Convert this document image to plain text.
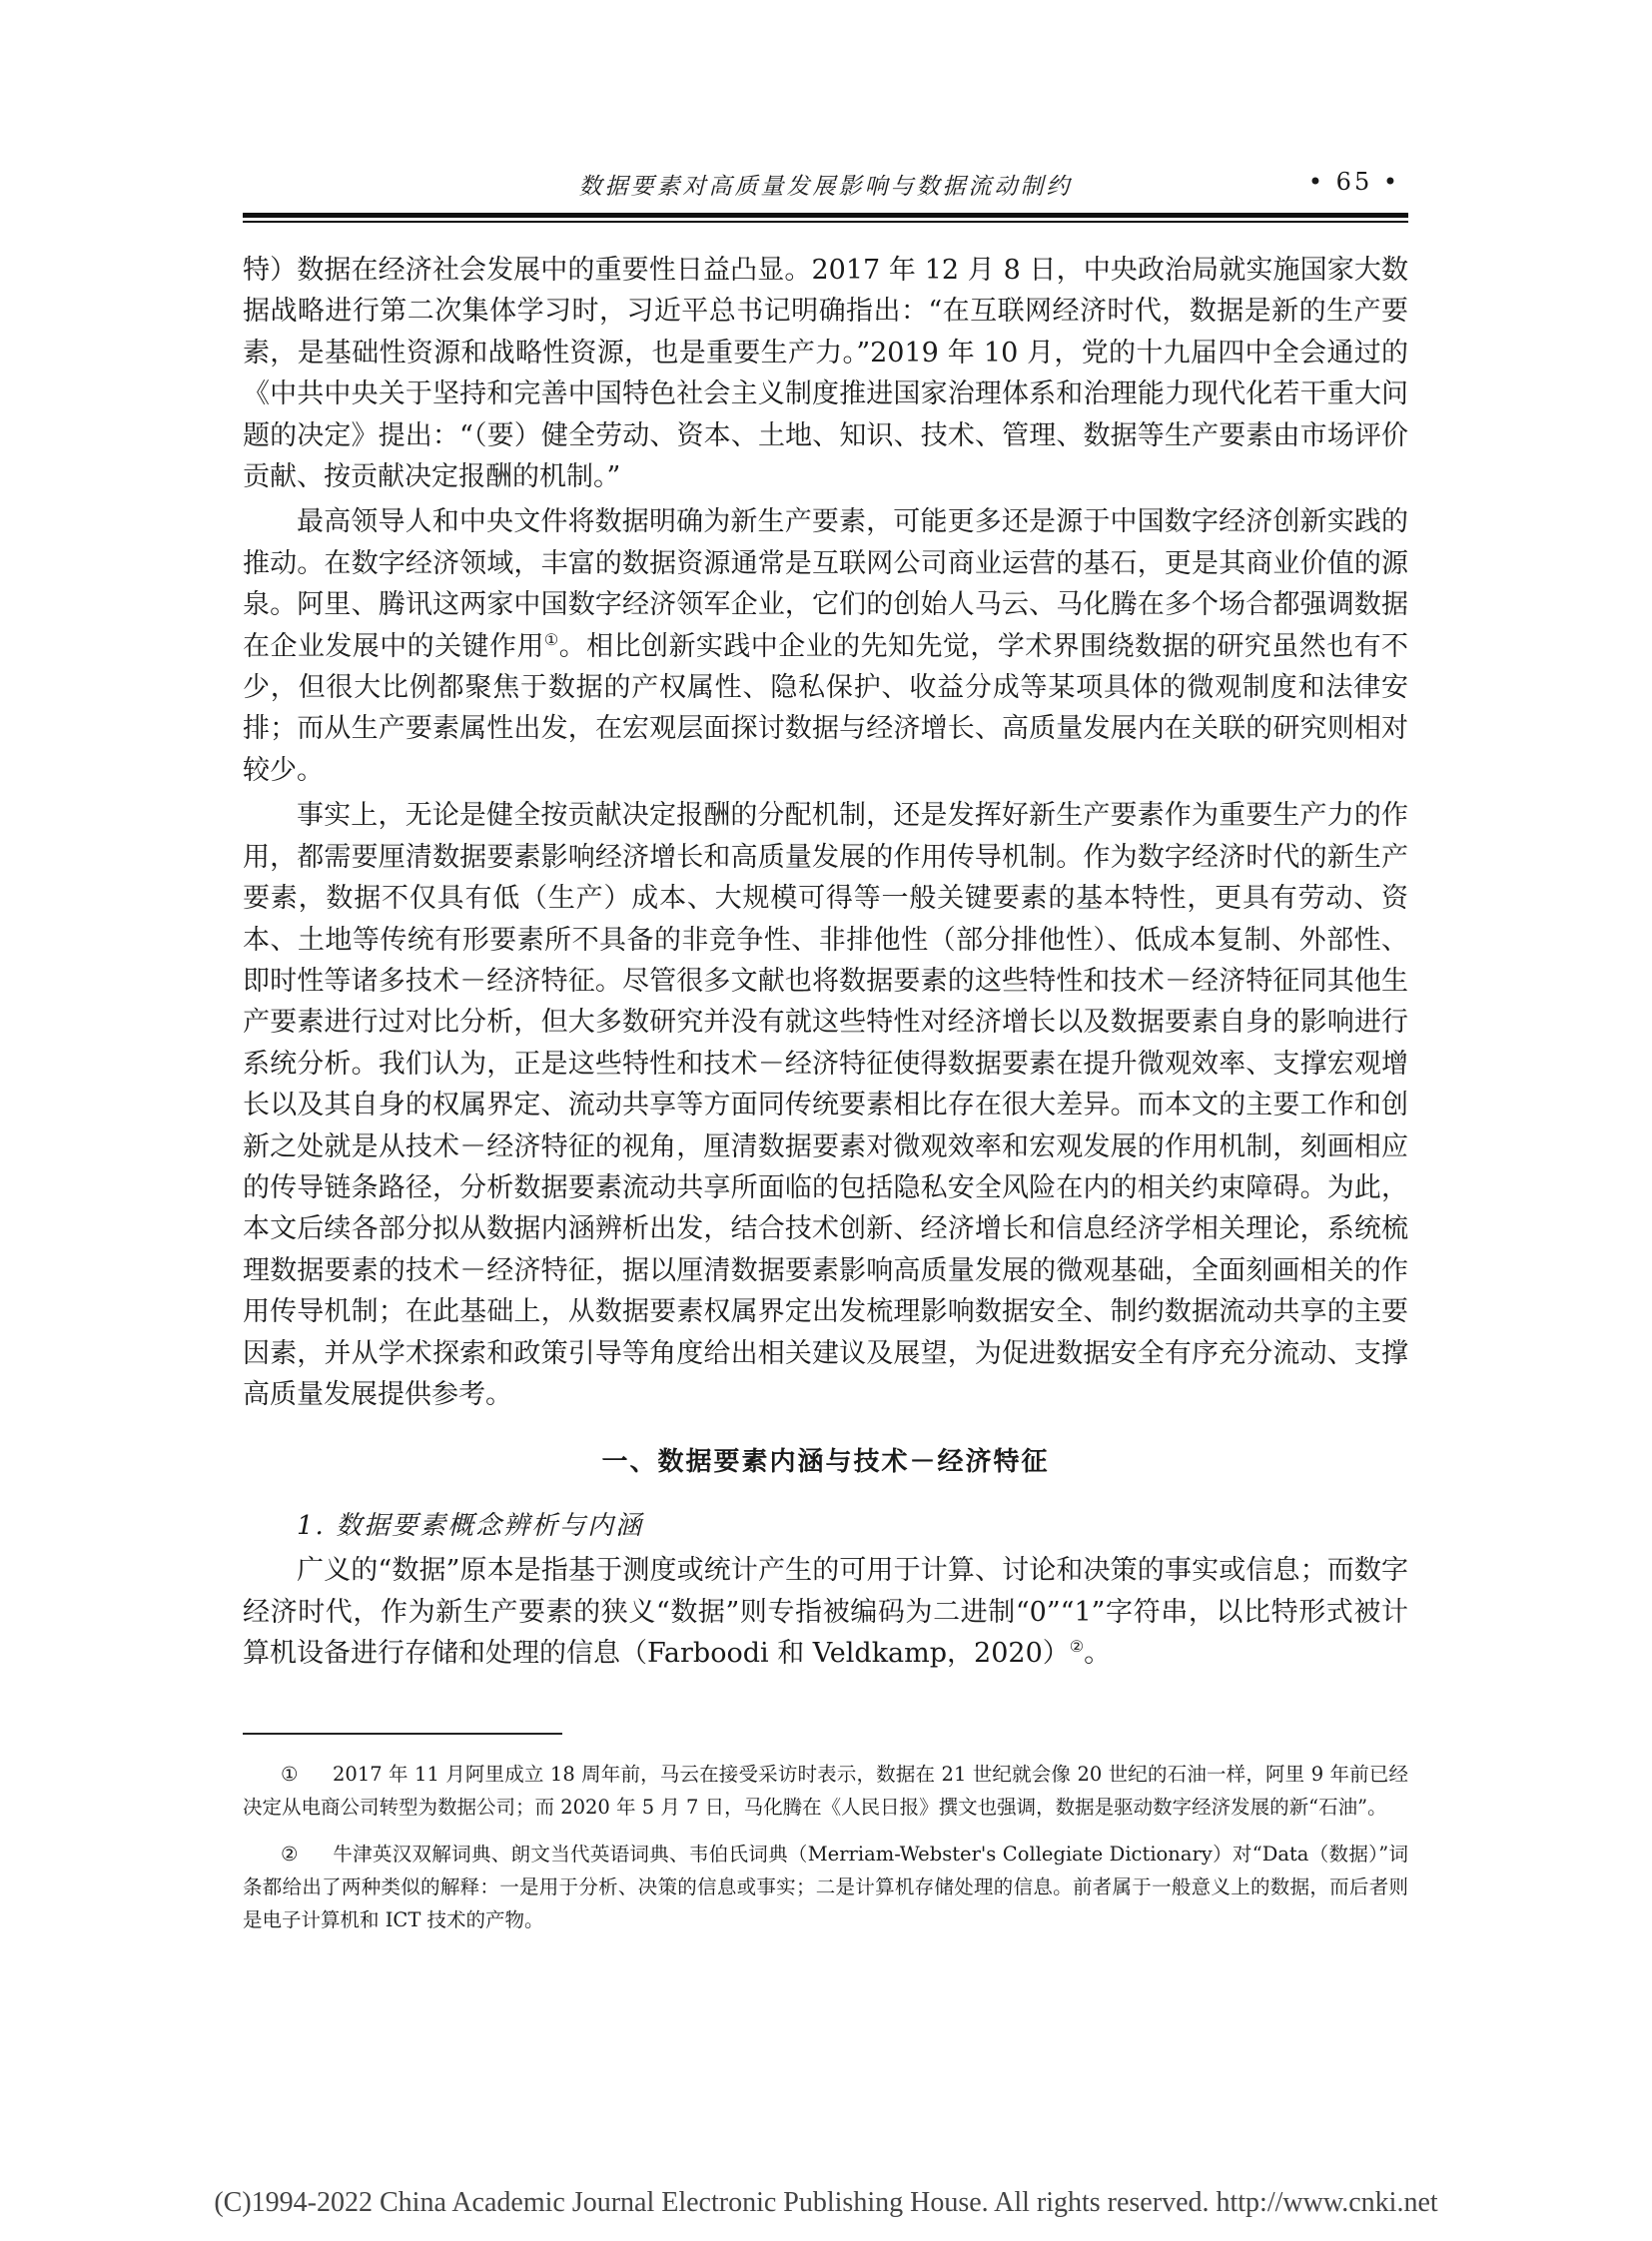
数据要素对高质量发展影响与数据流动制约	• 65 •

特）数据在经济社会发展中的重要性日益凸显。2017 年 12 月 8 日，中央政治局就实施国家大数据战略进行第二次集体学习时，习近平总书记明确指出：“在互联网经济时代，数据是新的生产要素，是基础性资源和战略性资源，也是重要生产力。”2019 年 10 月，党的十九届四中全会通过的《中共中央关于坚持和完善中国特色社会主义制度推进国家治理体系和治理能力现代化若干重大问题的决定》提出：“（要）健全劳动、资本、土地、知识、技术、管理、数据等生产要素由市场评价贡献、按贡献决定报酬的机制。”

最高领导人和中央文件将数据明确为新生产要素，可能更多还是源于中国数字经济创新实践的推动。在数字经济领域，丰富的数据资源通常是互联网公司商业运营的基石，更是其商业价值的源泉。阿里、腾讯这两家中国数字经济领军企业，它们的创始人马云、马化腾在多个场合都强调数据在企业发展中的关键作用①。相比创新实践中企业的先知先觉，学术界围绕数据的研究虽然也有不少，但很大比例都聚焦于数据的产权属性、隐私保护、收益分成等某项具体的微观制度和法律安排；而从生产要素属性出发，在宏观层面探讨数据与经济增长、高质量发展内在关联的研究则相对较少。

事实上，无论是健全按贡献决定报酬的分配机制，还是发挥好新生产要素作为重要生产力的作用，都需要厘清数据要素影响经济增长和高质量发展的作用传导机制。作为数字经济时代的新生产要素，数据不仅具有低（生产）成本、大规模可得等一般关键要素的基本特性，更具有劳动、资本、土地等传统有形要素所不具备的非竞争性、非排他性（部分排他性）、低成本复制、外部性、即时性等诸多技术－经济特征。尽管很多文献也将数据要素的这些特性和技术－经济特征同其他生产要素进行过对比分析，但大多数研究并没有就这些特性对经济增长以及数据要素自身的影响进行系统分析。我们认为，正是这些特性和技术－经济特征使得数据要素在提升微观效率、支撑宏观增长以及其自身的权属界定、流动共享等方面同传统要素相比存在很大差异。而本文的主要工作和创新之处就是从技术－经济特征的视角，厘清数据要素对微观效率和宏观发展的作用机制，刻画相应的传导链条路径，分析数据要素流动共享所面临的包括隐私安全风险在内的相关约束障碍。为此，本文后续各部分拟从数据内涵辨析出发，结合技术创新、经济增长和信息经济学相关理论，系统梳理数据要素的技术－经济特征，据以厘清数据要素影响高质量发展的微观基础，全面刻画相关的作用传导机制；在此基础上，从数据要素权属界定出发梳理影响数据安全、制约数据流动共享的主要因素，并从学术探索和政策引导等角度给出相关建议及展望，为促进数据安全有序充分流动、支撑高质量发展提供参考。

一、数据要素内涵与技术－经济特征
1. 数据要素概念辨析与内涵

广义的“数据”原本是指基于测度或统计产生的可用于计算、讨论和决策的事实或信息；而数字经济时代，作为新生产要素的狭义“数据”则专指被编码为二进制“0”“1”字符串，以比特形式被计算机设备进行存储和处理的信息（Farboodi 和 Veldkamp，2020）②。

① 2017 年 11 月阿里成立 18 周年前，马云在接受采访时表示，数据在 21 世纪就会像 20 世纪的石油一样，阿里 9 年前已经决定从电商公司转型为数据公司；而 2020 年 5 月 7 日，马化腾在《人民日报》撰文也强调，数据是驱动数字经济发展的新“石油”。

② 牛津英汉双解词典、朗文当代英语词典、韦伯氏词典（Merriam-Webster's Collegiate Dictionary）对“Data（数据）”词条都给出了两种类似的解释：一是用于分析、决策的信息或事实；二是计算机存储处理的信息。前者属于一般意义上的数据，而后者则是电子计算机和 ICT 技术的产物。

(C)1994-2022 China Academic Journal Electronic Publishing House. All rights reserved. http://www.cnki.net
